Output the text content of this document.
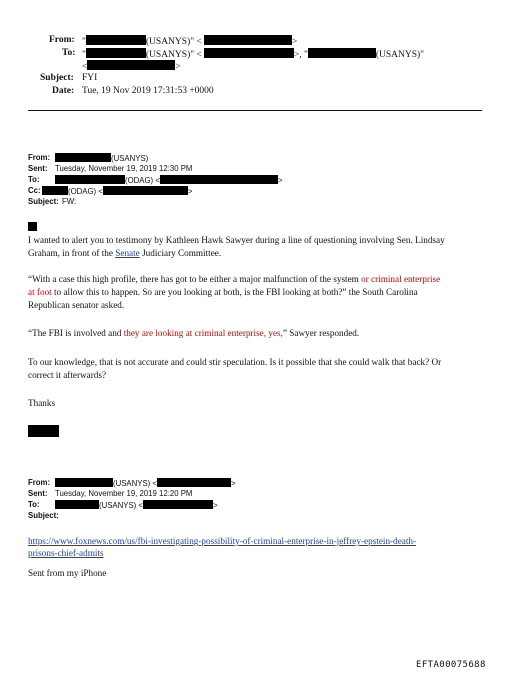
From: "	(USANYS)" <	>
To: "	(USANYS)" <	>, "	(USANYS)"
<	>
Subject: FYI
Date: Tue, 19 Nov 2019 17:31:53 +0000
From:	(USANYS)
Sent: Tuesday, November 19, 2019 12:30 PM
To:	(ODAG) <	>
Cc:	(ODAG) <	>
Subject: FW:
I wanted to alert you to testimony by Kathleen Hawk Sawyer during a line of questioning involving Sen. Lindsay
Graham, in front of the Senate Judiciary Committee.
“With a case this high profile, there has got to be either a major malfunction of the system or criminal enterprise
at foot to allow this to happen. So are you looking at both, is the FBI looking at both?” the South Carolina
Republican senator asked.
“The FBI is involved and they are looking at criminal enterprise, yes,” Sawyer responded.
To our knowledge, that is not accurate and could stir speculation. Is it possible that she could walk that back? Or
correct it afterwards?
Thanks
From:	(USANYS) <	>
Sent: Tuesday, November 19, 2019 12:20 PM
To:	(USANYS) <	>
Subject:
https://www.foxnews.com/us/fbi-investigating-possibility-of-criminal-enterprise-in-jeffrey-epstein-death-
prisons-chief-admits
Sent from my iPhone
EFTA00075688
